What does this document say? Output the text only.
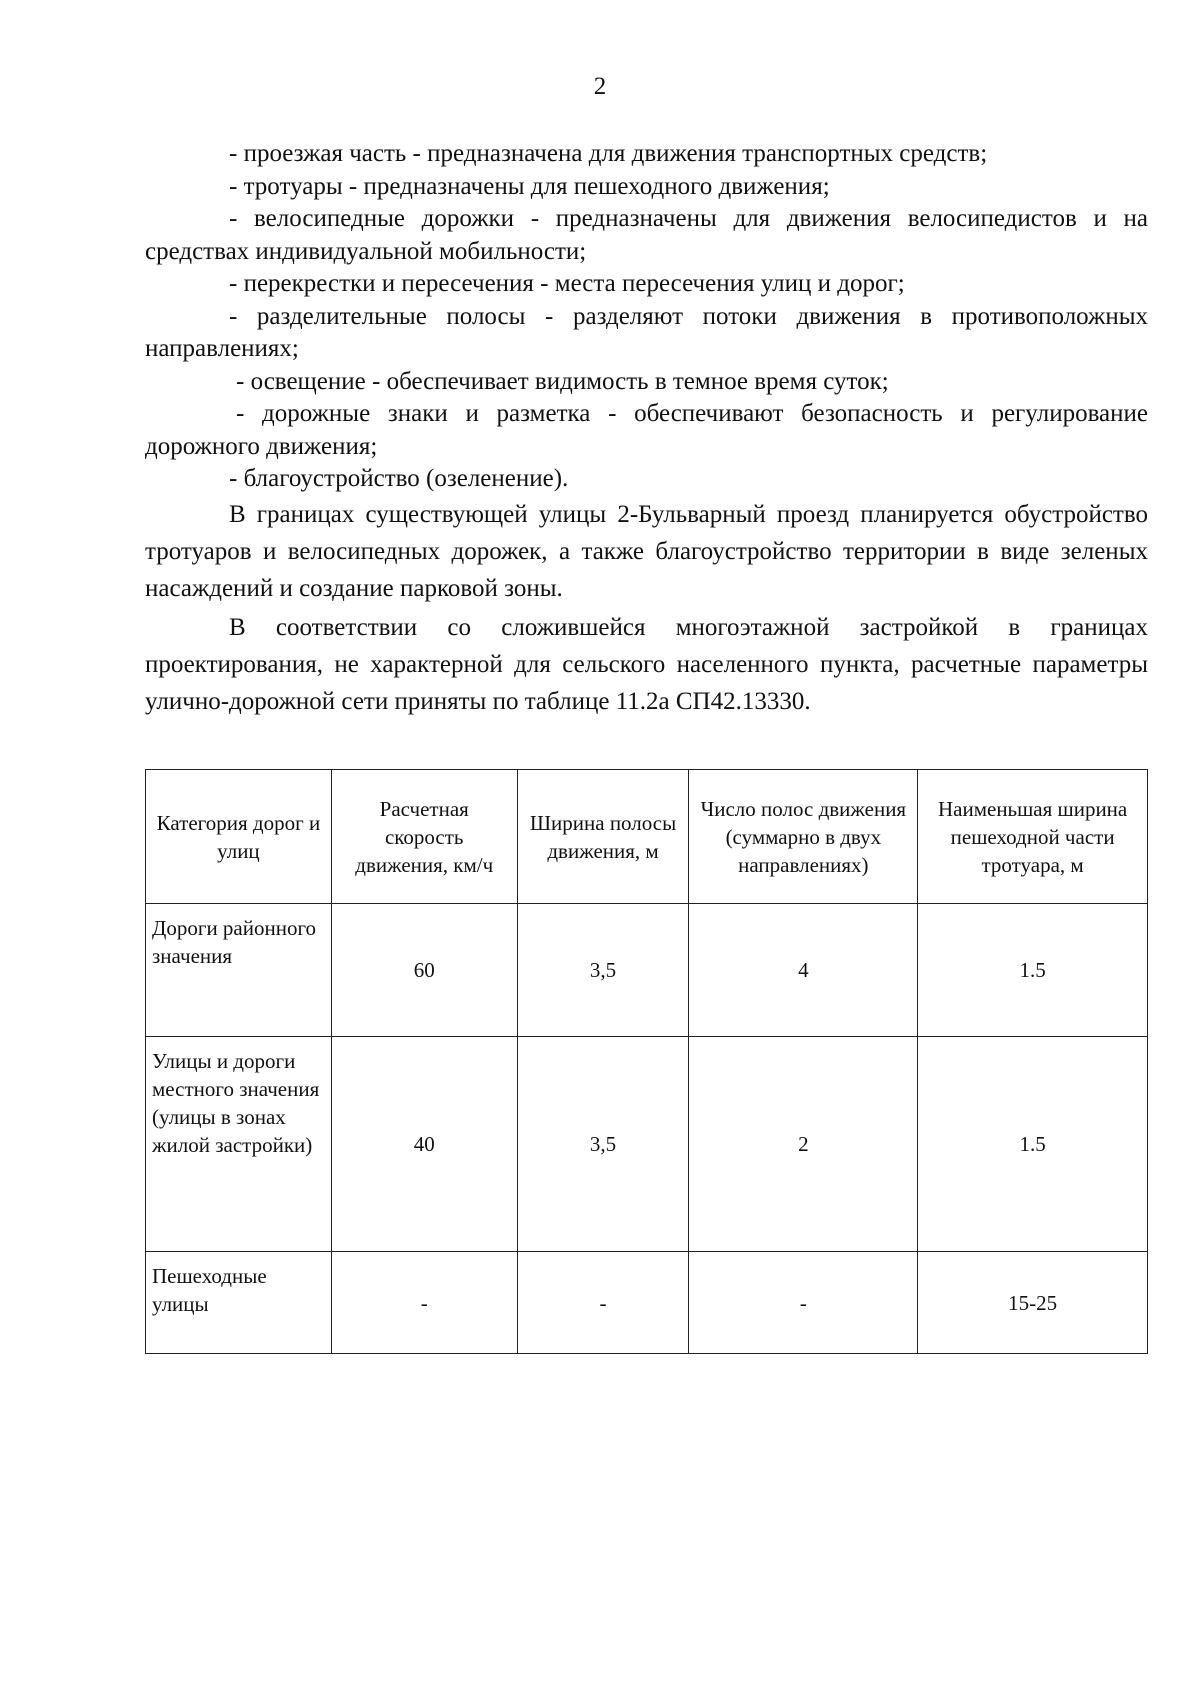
2

- проезжая часть - предназначена для движения транспортных средств;

- тротуары - предназначены для пешеходного движения;

- велосипедные дорожки - предназначены для движения велосипедистов и на средствах индивидуальной мобильности;

- перекрестки и пересечения - места пересечения улиц и дорог;

- разделительные полосы - разделяют потоки движения в противоположных направлениях;

- освещение - обеспечивает видимость в темное время суток;

- дорожные знаки и разметка - обеспечивают безопасность и регулирование дорожного движения;

- благоустройство (озеленение).

В границах существующей улицы 2-Бульварный проезд планируется обустройство тротуаров и велосипедных дорожек, а также благоустройство территории в виде зеленых насаждений и создание парковой зоны.

В соответствии со сложившейся многоэтажной застройкой в границах проектирования, не характерной для сельского населенного пункта, расчетные параметры улично-дорожной сети приняты по таблице 11.2а СП42.13330.

Категория дорог и улиц	Расчетная скорость движения, км/ч	Ширина полосы движения, м	Число полос движения (суммарно в двух направлениях)	Наименьшая ширина пешеходной части тротуара, м
Дороги районного значения	60	3,5	4	1.5
Улицы и дороги местного значения (улицы в зонах жилой застройки)	40	3,5	2	1.5
Пешеходные улицы	-	-	-	15-25
